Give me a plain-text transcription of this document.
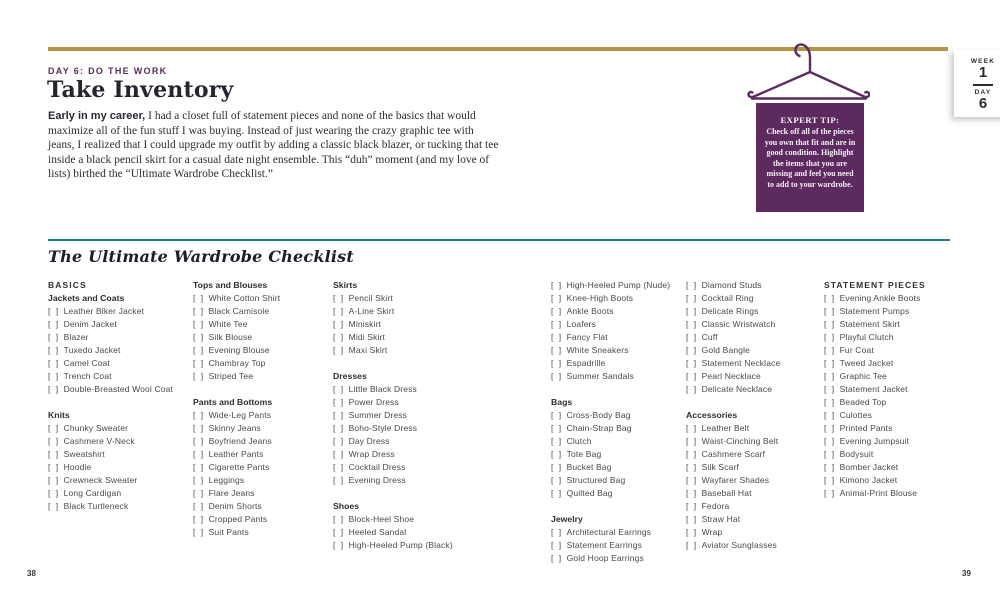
DAY 6: DO THE WORK
Take Inventory

Early in my career, I had a closet full of statement pieces and none of the basics that would maximize all of the fun stuff I was buying. Instead of just wearing the crazy graphic tee with jeans, I realized that I could upgrade my outfit by adding a classic black blazer, or tucking that tee inside a black pencil skirt for a casual date night ensemble. This “duh” moment (and my love of lists) birthed the “Ultimate Wardrobe Checklist.”

EXPERT TIP:
Check off all of the pieces you own that fit and are in good condition. Highlight the items that you are missing and feel you need to add to your wardrobe.
WEEK
1
DAY
6
The Ultimate Wardrobe Checklist
BASICS
Jackets and Coats
[ ] Leather Biker Jacket
[ ] Denim Jacket
[ ] Blazer
[ ] Tuxedo Jacket
[ ] Camel Coat
[ ] Trench Coat
[ ] Double-Breasted Wool Coat
Knits
[ ] Chunky Sweater
[ ] Cashmere V-Neck
[ ] Sweatshirt
[ ] Hoodie
[ ] Crewneck Sweater
[ ] Long Cardigan
[ ] Black Turtleneck
Tops and Blouses
[ ] White Cotton Shirt
[ ] Black Camisole
[ ] White Tee
[ ] Silk Blouse
[ ] Evening Blouse
[ ] Chambray Top
[ ] Striped Tee
Pants and Bottoms
[ ] Wide-Leg Pants
[ ] Skinny Jeans
[ ] Boyfriend Jeans
[ ] Leather Pants
[ ] Cigarette Pants
[ ] Leggings
[ ] Flare Jeans
[ ] Denim Shorts
[ ] Cropped Pants
[ ] Suit Pants
Skirts
[ ] Pencil Skirt
[ ] A-Line Skirt
[ ] Miniskirt
[ ] Midi Skirt
[ ] Maxi Skirt
Dresses
[ ] Little Black Dress
[ ] Power Dress
[ ] Summer Dress
[ ] Boho-Style Dress
[ ] Day Dress
[ ] Wrap Dress
[ ] Cocktail Dress
[ ] Evening Dress
Shoes
[ ] Block-Heel Shoe
[ ] Heeled Sandal
[ ] High-Heeled Pump (Black)
[ ] High-Heeled Pump (Nude)
[ ] Knee-High Boots
[ ] Ankle Boots
[ ] Loafers
[ ] Fancy Flat
[ ] White Sneakers
[ ] Espadrille
[ ] Summer Sandals
Bags
[ ] Cross-Body Bag
[ ] Chain-Strap Bag
[ ] Clutch
[ ] Tote Bag
[ ] Bucket Bag
[ ] Structured Bag
[ ] Quilted Bag
Jewelry
[ ] Architectural Earrings
[ ] Statement Earrings
[ ] Gold Hoop Earrings
[ ] Diamond Studs
[ ] Cocktail Ring
[ ] Delicate Rings
[ ] Classic Wristwatch
[ ] Cuff
[ ] Gold Bangle
[ ] Statement Necklace
[ ] Pearl Necklace
[ ] Delicate Necklace
Accessories
[ ] Leather Belt
[ ] Waist-Cinching Belt
[ ] Cashmere Scarf
[ ] Silk Scarf
[ ] Wayfarer Shades
[ ] Baseball Hat
[ ] Fedora
[ ] Straw Hat
[ ] Wrap
[ ] Aviator Sunglasses
STATEMENT PIECES
[ ] Evening Ankle Boots
[ ] Statement Pumps
[ ] Statement Skirt
[ ] Playful Clutch
[ ] Fur Coat
[ ] Tweed Jacket
[ ] Graphic Tee
[ ] Statement Jacket
[ ] Beaded Top
[ ] Culottes
[ ] Printed Pants
[ ] Evening Jumpsuit
[ ] Bodysuit
[ ] Bomber Jacket
[ ] Kimono Jacket
[ ] Animal-Print Blouse
38	39
